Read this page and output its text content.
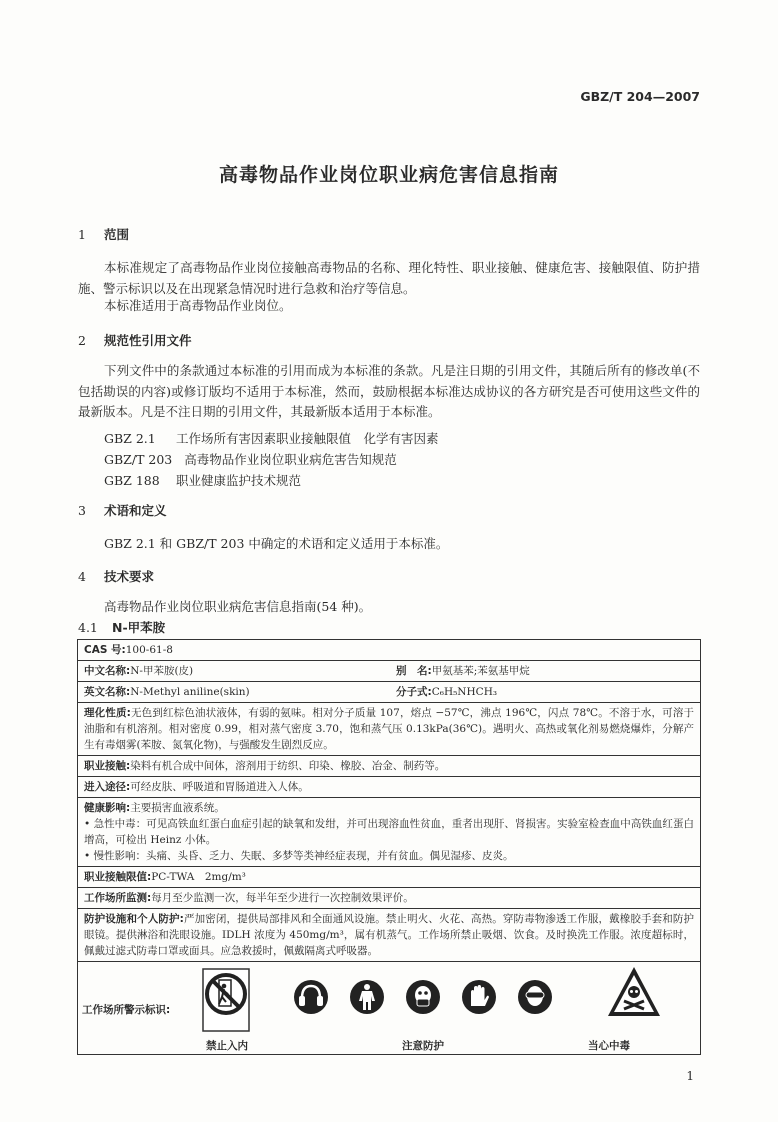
GBZ/T 204—2007
高毒物品作业岗位职业病危害信息指南
1 范围
本标准规定了高毒物品作业岗位接触高毒物品的名称、理化特性、职业接触、健康危害、接触限值、防护措施、警示标识以及在出现紧急情况时进行急救和治疗等信息。
本标准适用于高毒物品作业岗位。
2 规范性引用文件
下列文件中的条款通过本标准的引用而成为本标准的条款。凡是注日期的引用文件，其随后所有的修改单(不包括勘误的内容)或修订版均不适用于本标准，然而，鼓励根据本标准达成协议的各方研究是否可使用这些文件的最新版本。凡是不注日期的引用文件，其最新版本适用于本标准。
GBZ 2.1 工作场所有害因素职业接触限值　化学有害因素
GBZ/T 203 高毒物品作业岗位职业病危害告知规范
GBZ 188 职业健康监护技术规范
3 术语和定义
GBZ 2.1 和 GBZ/T 203 中确定的术语和定义适用于本标准。
4 技术要求
高毒物品作业岗位职业病危害信息指南(54 种)。
4.1 N-甲苯胺
CAS 号:100-61-8	
中文名称:N-甲苯胺(皮)	别　名:甲氨基苯;苯氨基甲烷
英文名称:N-Methyl aniline(skin)	分子式:C₆H₅NHCH₃
理化性质:无色到红棕色油状液体，有弱的氨味。相对分子质量 107，熔点 −57℃，沸点 196℃，闪点 78℃。不溶于水，可溶于油脂和有机溶剂。相对密度 0.99，相对蒸气密度 3.70，饱和蒸气压 0.13kPa(36℃)。遇明火、高热或氧化剂易燃烧爆炸，分解产生有毒烟雾(苯胺、氮氧化物)，与强酸发生剧烈反应。	
职业接触:染料有机合成中间体，溶剂用于纺织、印染、橡胶、冶金、制药等。	
进入途径:可经皮肤、呼吸道和胃肠道进入人体。	
健康影响:主要损害血液系统。
• 急性中毒：可见高铁血红蛋白血症引起的缺氧和发绀，并可出现溶血性贫血，重者出现肝、肾损害。实验室检查血中高铁血红蛋白增高，可检出 Heinz 小体。
• 慢性影响：头痛、头昏、乏力、失眠、多梦等类神经症表现，并有贫血。偶见湿疹、皮炎。	

职业接触限值:PC-TWA　2mg/m³	
工作场所监测:每月至少监测一次，每半年至少进行一次控制效果评价。	
防护设施和个人防护:严加密闭，提供局部排风和全面通风设施。禁止明火、火花、高热。穿防毒物渗透工作服，戴橡胶手套和防护眼镜。提供淋浴和洗眼设施。IDLH 浓度为 450mg/m³，属有机蒸气。工作场所禁止吸烟、饮食。及时换洗工作服。浓度超标时，佩戴过滤式防毒口罩或面具。应急救援时，佩戴隔离式呼吸器。	

工作场所警示标识:
禁止入内 注意防护 当心中毒	
1
